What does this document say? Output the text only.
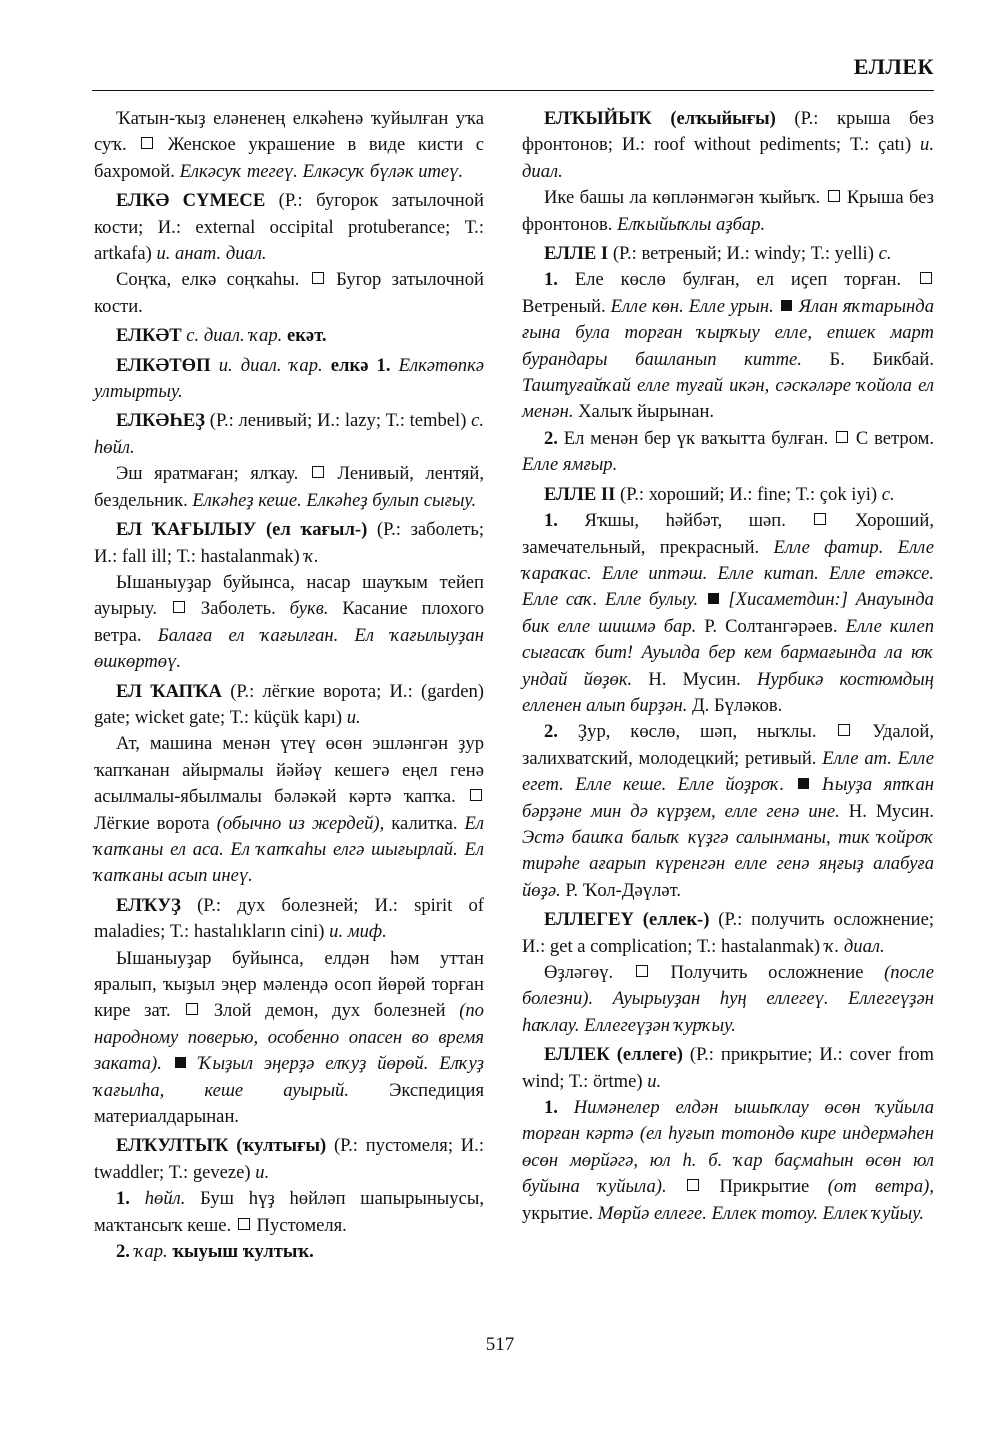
ЕЛЛЕК

Ҡатын-ҡыҙ еләненең елкәһенә ҡуйылған уҡа суҡ. Женское украшение в виде кисти с бахромой. Елкәсуҡ тегеү. Елкәсуҡ бүләк итеү.

ЕЛКӘ СҮМЕСЕ (Р.: бугорок затылочной кости; И.: external occipital protuberance; Т.: artkafa) и. анат. диал.

Соңҡа, елкә соңҡаһы. Бугор затылочной кости.

ЕЛКӘТ с. диал. ҡар. екәт.

ЕЛКӘТӨП и. диал. ҡар. елкә 1. Елкәтөпкә ултыртыу.

ЕЛКӘҺЕҘ (Р.: ленивый; И.: lazy; Т.: tembel) с. һөйл.

Эш яратмаған; ялҡау. Ленивый, лентяй, бездельник. Елкәһеҙ кеше. Елкәһеҙ булып сығыу.

ЕЛ ҠАҒЫЛЫУ (ел ҡағыл-) (Р.: заболеть; И.: fall ill; Т.: hastalanmak) ҡ.

Ышаныуҙар буйынса, насар шауҡым тейеп ауырыу. Заболеть. букв. Касание плохого ветра. Балаға ел ҡағылған. Ел ҡағылыуҙан өшкөртөү.

ЕЛ ҠАПҠА (Р.: лёгкие ворота; И.: (garden) gate; wicket gate; Т.: küçük kapı) и.

Ат, машина менән үтеү өсөн эшләнгән ҙур ҡапҡанан айырмалы йәйәү кешегә еңел генә асылмалы-ябылмалы бәләкәй кәртә ҡапҡа.  Лёгкие ворота (обычно из жердей), калитка. Ел ҡапҡаны ел аса. Ел ҡапҡаһы елгә шығырлай. Ел ҡапҡаны асып инеү.

ЕЛҠУҘ (Р.: дух болезней; И.: spirit of maladies; Т.: hastalıkların cini) и. миф.

Ышаныуҙар буйынса, елдән һәм уттан яралып, ҡыҙыл эңер мәлендә осоп йөрөй торған кире зат. Злой демон, дух болезней (по народному поверью, особенно опасен во время заката). Ҡыҙыл эңерҙә елҡуҙ йөрөй. Елҡуҙ ҡағылһа, кеше ауырый. Экспедиция материалдарынан.

ЕЛҠУЛТЫҠ (ҡултығы) (Р.: пустомеля; И.: twaddler; Т.: geveze) и.

1. һөйл. Буш һүҙ һөйләп шапырыныусы, маҡтансыҡ кеше. Пустомеля.

2. ҡар. ҡыуыш ҡултыҡ.

ЕЛҠЫЙЫҠ (елҡыйығы) (Р.: крыша без фронтонов; И.: roof without pediments; Т.: çatı) и. диал.

Ике башы ла көпләнмәгән ҡыйыҡ. Крыша без фронтонов. Елҡыйыҡлы аҙбар.

ЕЛЛЕ I (Р.: ветреный; И.: windy; Т.: yelli) с.

1. Еле көслө булған, ел иҫеп торған.  Ветреный. Елле көн. Елле урын. Ялан яҡтарында ғына була торған ҡырҡыу елле, епшек март бурандары башланып китте. Б. Бикбай. Ташҭуғайҡай елле туғай икән, сәскәләре ҡойола ел менән. Халыҡ йырынан.

2. Ел менән бер үк ваҡытта булған. С ветром. Елле ямғыр.

ЕЛЛЕ II (Р.: хороший; И.: fine; Т.: çok iyi) с.

1. Яҡшы, һәйбәт, шәп.	Хороший, замечательный, прекрасный. Елле фатир. Елле ҡараҡас. Елле иптәш. Елле китап. Елле етәксе. Елле саҡ. Елле булыу. [Хисаметдин:] Анауында бик елле шишмә бар. Р. Солтангәрәев. Елле килеп сығасаҡ бит! Ауылда бер кем бармағында ла юҡ ундай йөҙөк. Н. Мусин. Нурбикә костюмдың елленен алып бирҙән. Д. Бүләков.

2. Ҙур, көслө, шәп, ныҡлы.	Удалой, залихватский, молодецкий; ретивый. Елле ат. Елле егет. Елле кеше. Елле йоҙроҡ. Һыуҙа ятҡан бәрҙәне мин дә күрҙем, елле генә ине. Н. Мусин. Эстә башҡа балыҡ күҙгә салынманы, тик ҡойроҡ тирәһе ағарып күренгән елле генә яңғыҙ алабуға йөҙә. Р. Ҡол-Дәүләт.

ЕЛЛЕГЕҮ (еллек-) (Р.: получить осложнение; И.: get a complication; Т.: hastalanmak) ҡ. диал.

Өҙләгөү.	Получить осложнение (после болезни). Ауырыуҙан һуң еллегеү. Еллегеүҙән һаҡлау. Еллегеүҙән ҡурҡыу.

ЕЛЛЕК (еллеге) (Р.: прикрытие; И.: cover from wind; Т.: örtme) и.

1. Нимәнелер елдән ышыҡлау өсөн ҡуйыла торған кәртә (ел һуғып тотондө кире индермәһен өсөн мөрйәгә, юл һ. б. ҡар баҫмаһын өсөн юл буйына ҡуйыла).	Прикрытие (от ветра), укрытие. Мөрйә еллеге. Еллек тотоу. Еллек ҡуйыу.

517
